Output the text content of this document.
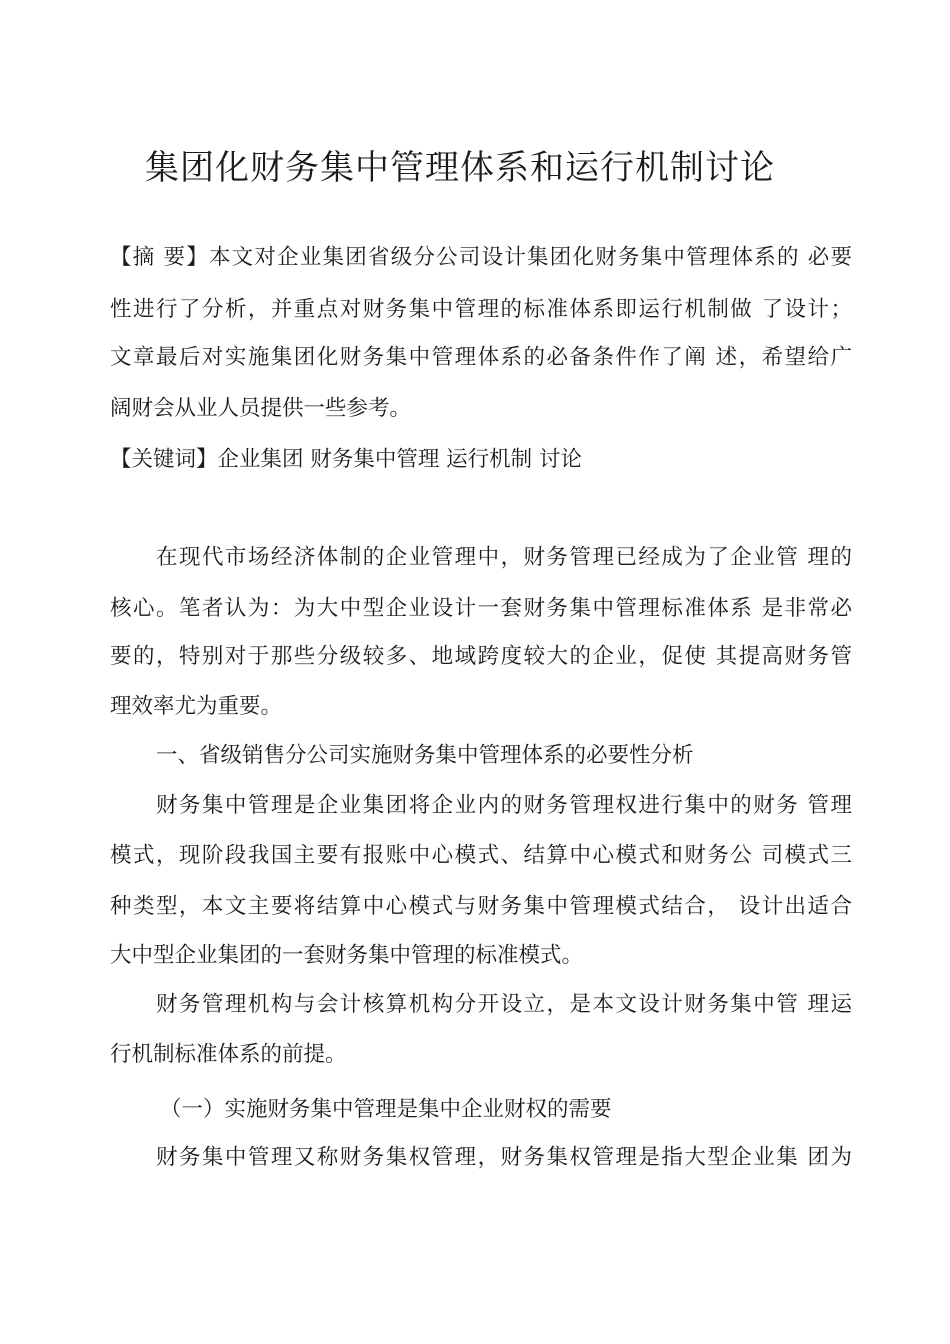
集团化财务集中管理体系和运行机制讨论
【摘 要】本文对企业集团省级分公司设计集团化财务集中管理体系的 必要
性进行了分析，并重点对财务集中管理的标准体系即运行机制做 了设计；
文章最后对实施集团化财务集中管理体系的必备条件作了阐 述，希望给广
阔财会从业人员提供一些参考。
【关键词】企业集团 财务集中管理 运行机制 讨论
在现代市场经济体制的企业管理中，财务管理已经成为了企业管 理的
核心。笔者认为：为大中型企业设计一套财务集中管理标准体系 是非常必
要的，特别对于那些分级较多、地域跨度较大的企业，促使 其提高财务管
理效率尤为重要。
一、省级销售分公司实施财务集中管理体系的必要性分析
财务集中管理是企业集团将企业内的财务管理权进行集中的财务 管理
模式，现阶段我国主要有报账中心模式、结算中心模式和财务公 司模式三
种类型，本文主要将结算中心模式与财务集中管理模式结合， 设计出适合
大中型企业集团的一套财务集中管理的标准模式。
财务管理机构与会计核算机构分开设立，是本文设计财务集中管 理运
行机制标准体系的前提。
（一）实施财务集中管理是集中企业财权的需要
财务集中管理又称财务集权管理，财务集权管理是指大型企业集 团为
